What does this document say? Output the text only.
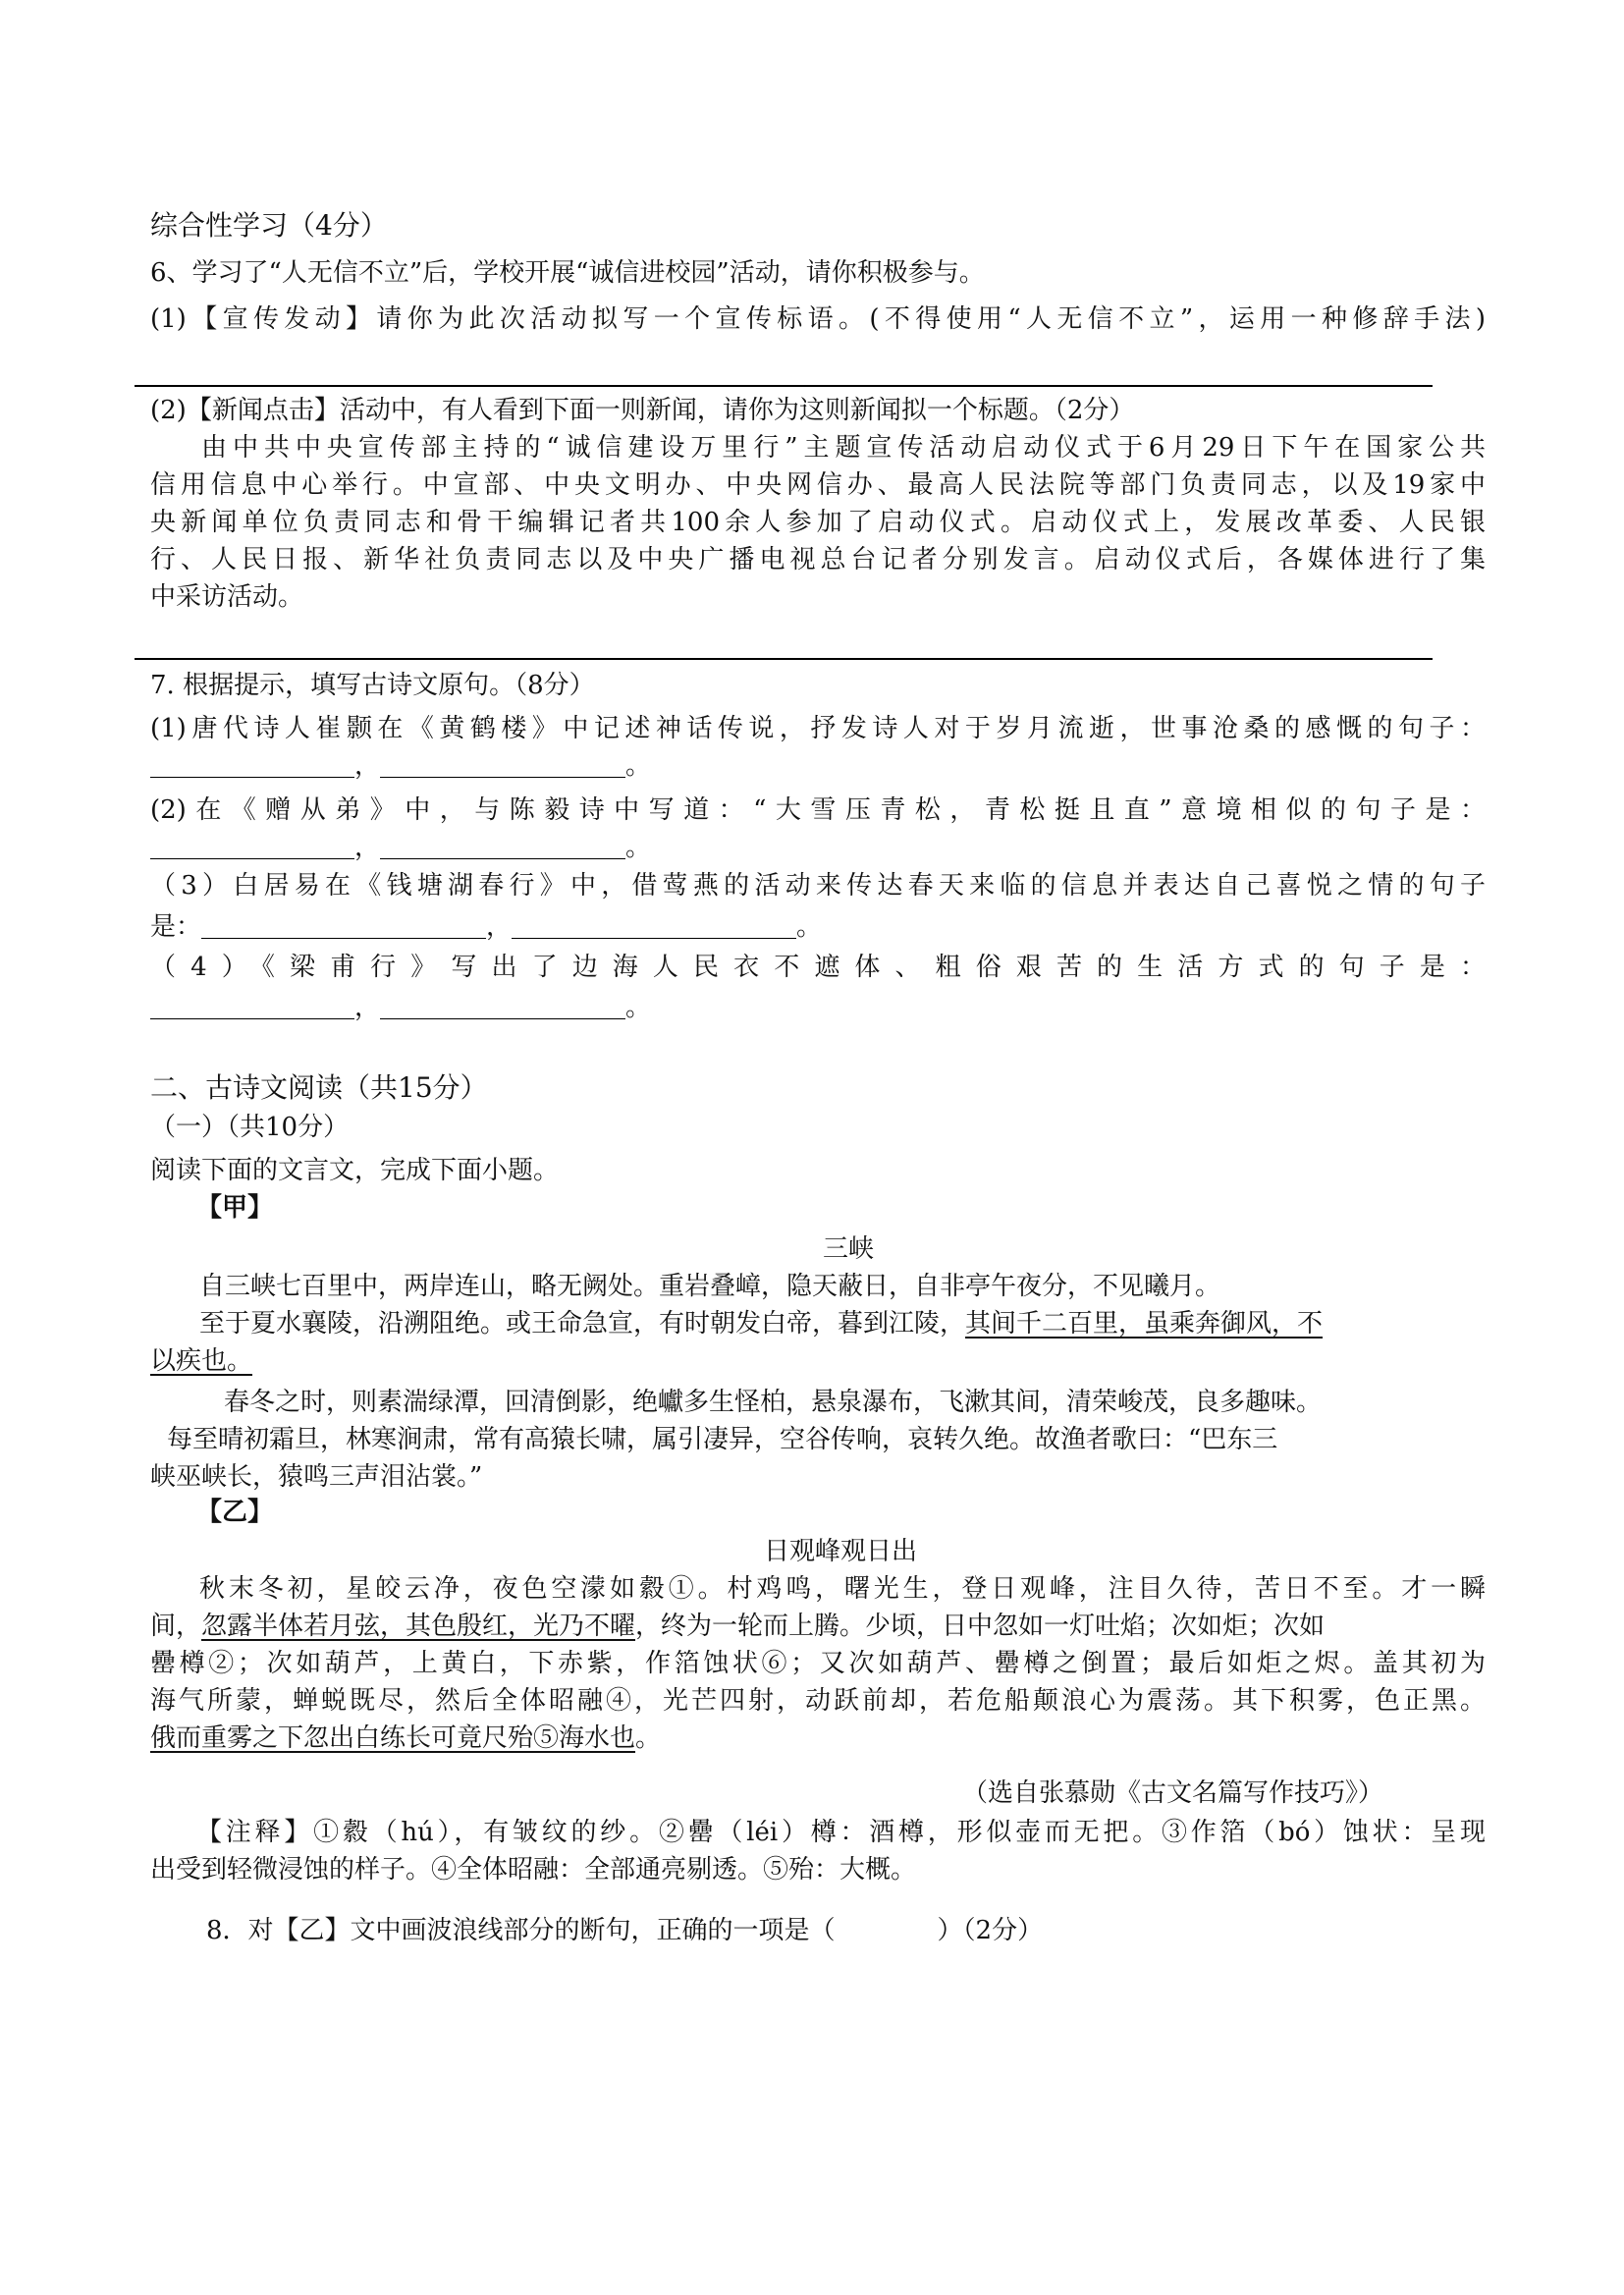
综合性学习（4分）
6、学习了“人无信不立”后，学校开展“诚信进校园”活动，请你积极参与。
(1)【宣传发动】请你为此次活动拟写一个宣传标语。(不得使用“人无信不立”，运用一种修辞手法)
(2)【新闻点击】活动中，有人看到下面一则新闻，请你为这则新闻拟一个标题。（2分）
由中共中央宣传部主持的“诚信建设万里行”主题宣传活动启动仪式于6月29日下午在国家公共
信用信息中心举行。中宣部、中央文明办、中央网信办、最高人民法院等部门负责同志，以及19家中
央新闻单位负责同志和骨干编辑记者共100余人参加了启动仪式。启动仪式上，发展改革委、人民银
行、人民日报、新华社负责同志以及中央广播电视总台记者分别发言。启动仪式后，各媒体进行了集
中采访活动。
7. 根据提示，填写古诗文原句。（8分）
(1)唐代诗人崔颢在《黄鹤楼》中记述神话传说，抒发诗人对于岁月流逝，世事沧桑的感慨的句子：
，	。
(2)在《赠从弟》中，与陈毅诗中写道：“大雪压青松，青松挺且直”意境相似的句子是：
，	。
（3）白居易在《钱塘湖春行》中，借莺燕的活动来传达春天来临的信息并表达自己喜悦之情的句子
是：	，	。
（4）《梁甫行》写出了边海人民衣不遮体、粗俗艰苦的生活方式的句子是：
，	。
二、古诗文阅读（共15分）
（一）（共10分）
阅读下面的文言文，完成下面小题。
【甲】
三峡
自三峡七百里中，两岸连山，略无阙处。重岩叠嶂，隐天蔽日，自非亭午夜分，不见曦月。
至于夏水襄陵，沿溯阻绝。或王命急宣，有时朝发白帝，暮到江陵，其间千二百里，虽乘奔御风，不
以疾也。
春冬之时，则素湍绿潭，回清倒影，绝巘多生怪柏，悬泉瀑布，飞漱其间，清荣峻茂，良多趣味。
每至晴初霜旦，林寒涧肃，常有高猿长啸，属引凄异，空谷传响，哀转久绝。故渔者歌曰：“巴东三
峡巫峡长，猿鸣三声泪沾裳。”
【乙】
日观峰观日出
秋末冬初，星皎云净，夜色空濛如縠①。村鸡鸣，曙光生，登日观峰，注目久待，苦日不至。才一瞬
间，忽露半体若月弦，其色殷红，光乃不曜，终为一轮而上腾。少顷，日中忽如一灯吐焰；次如炬；次如
罍樽②；次如葫芦，上黄白，下赤紫，作箔蚀状⑥；又次如葫芦、罍樽之倒置；最后如炬之烬。盖其初为
海气所蒙，蝉蜕既尽，然后全体昭融④，光芒四射，动跃前却，若危船颠浪心为震荡。其下积雾，色正黑。
俄而重雾之下忽出白练长可竟尺殆⑤海水也。
（选自张慕勋《古文名篇写作技巧》）
【注释】①縠（hú），有皱纹的纱。②罍（léi）樽：酒樽，形似壶而无把。③作箔（bó）蚀状：呈现
出受到轻微浸蚀的样子。④全体昭融：全部通亮剔透。⑤殆：大概。
8．对【乙】文中画波浪线部分的断句，正确的一项是（　　　　）（2分）
